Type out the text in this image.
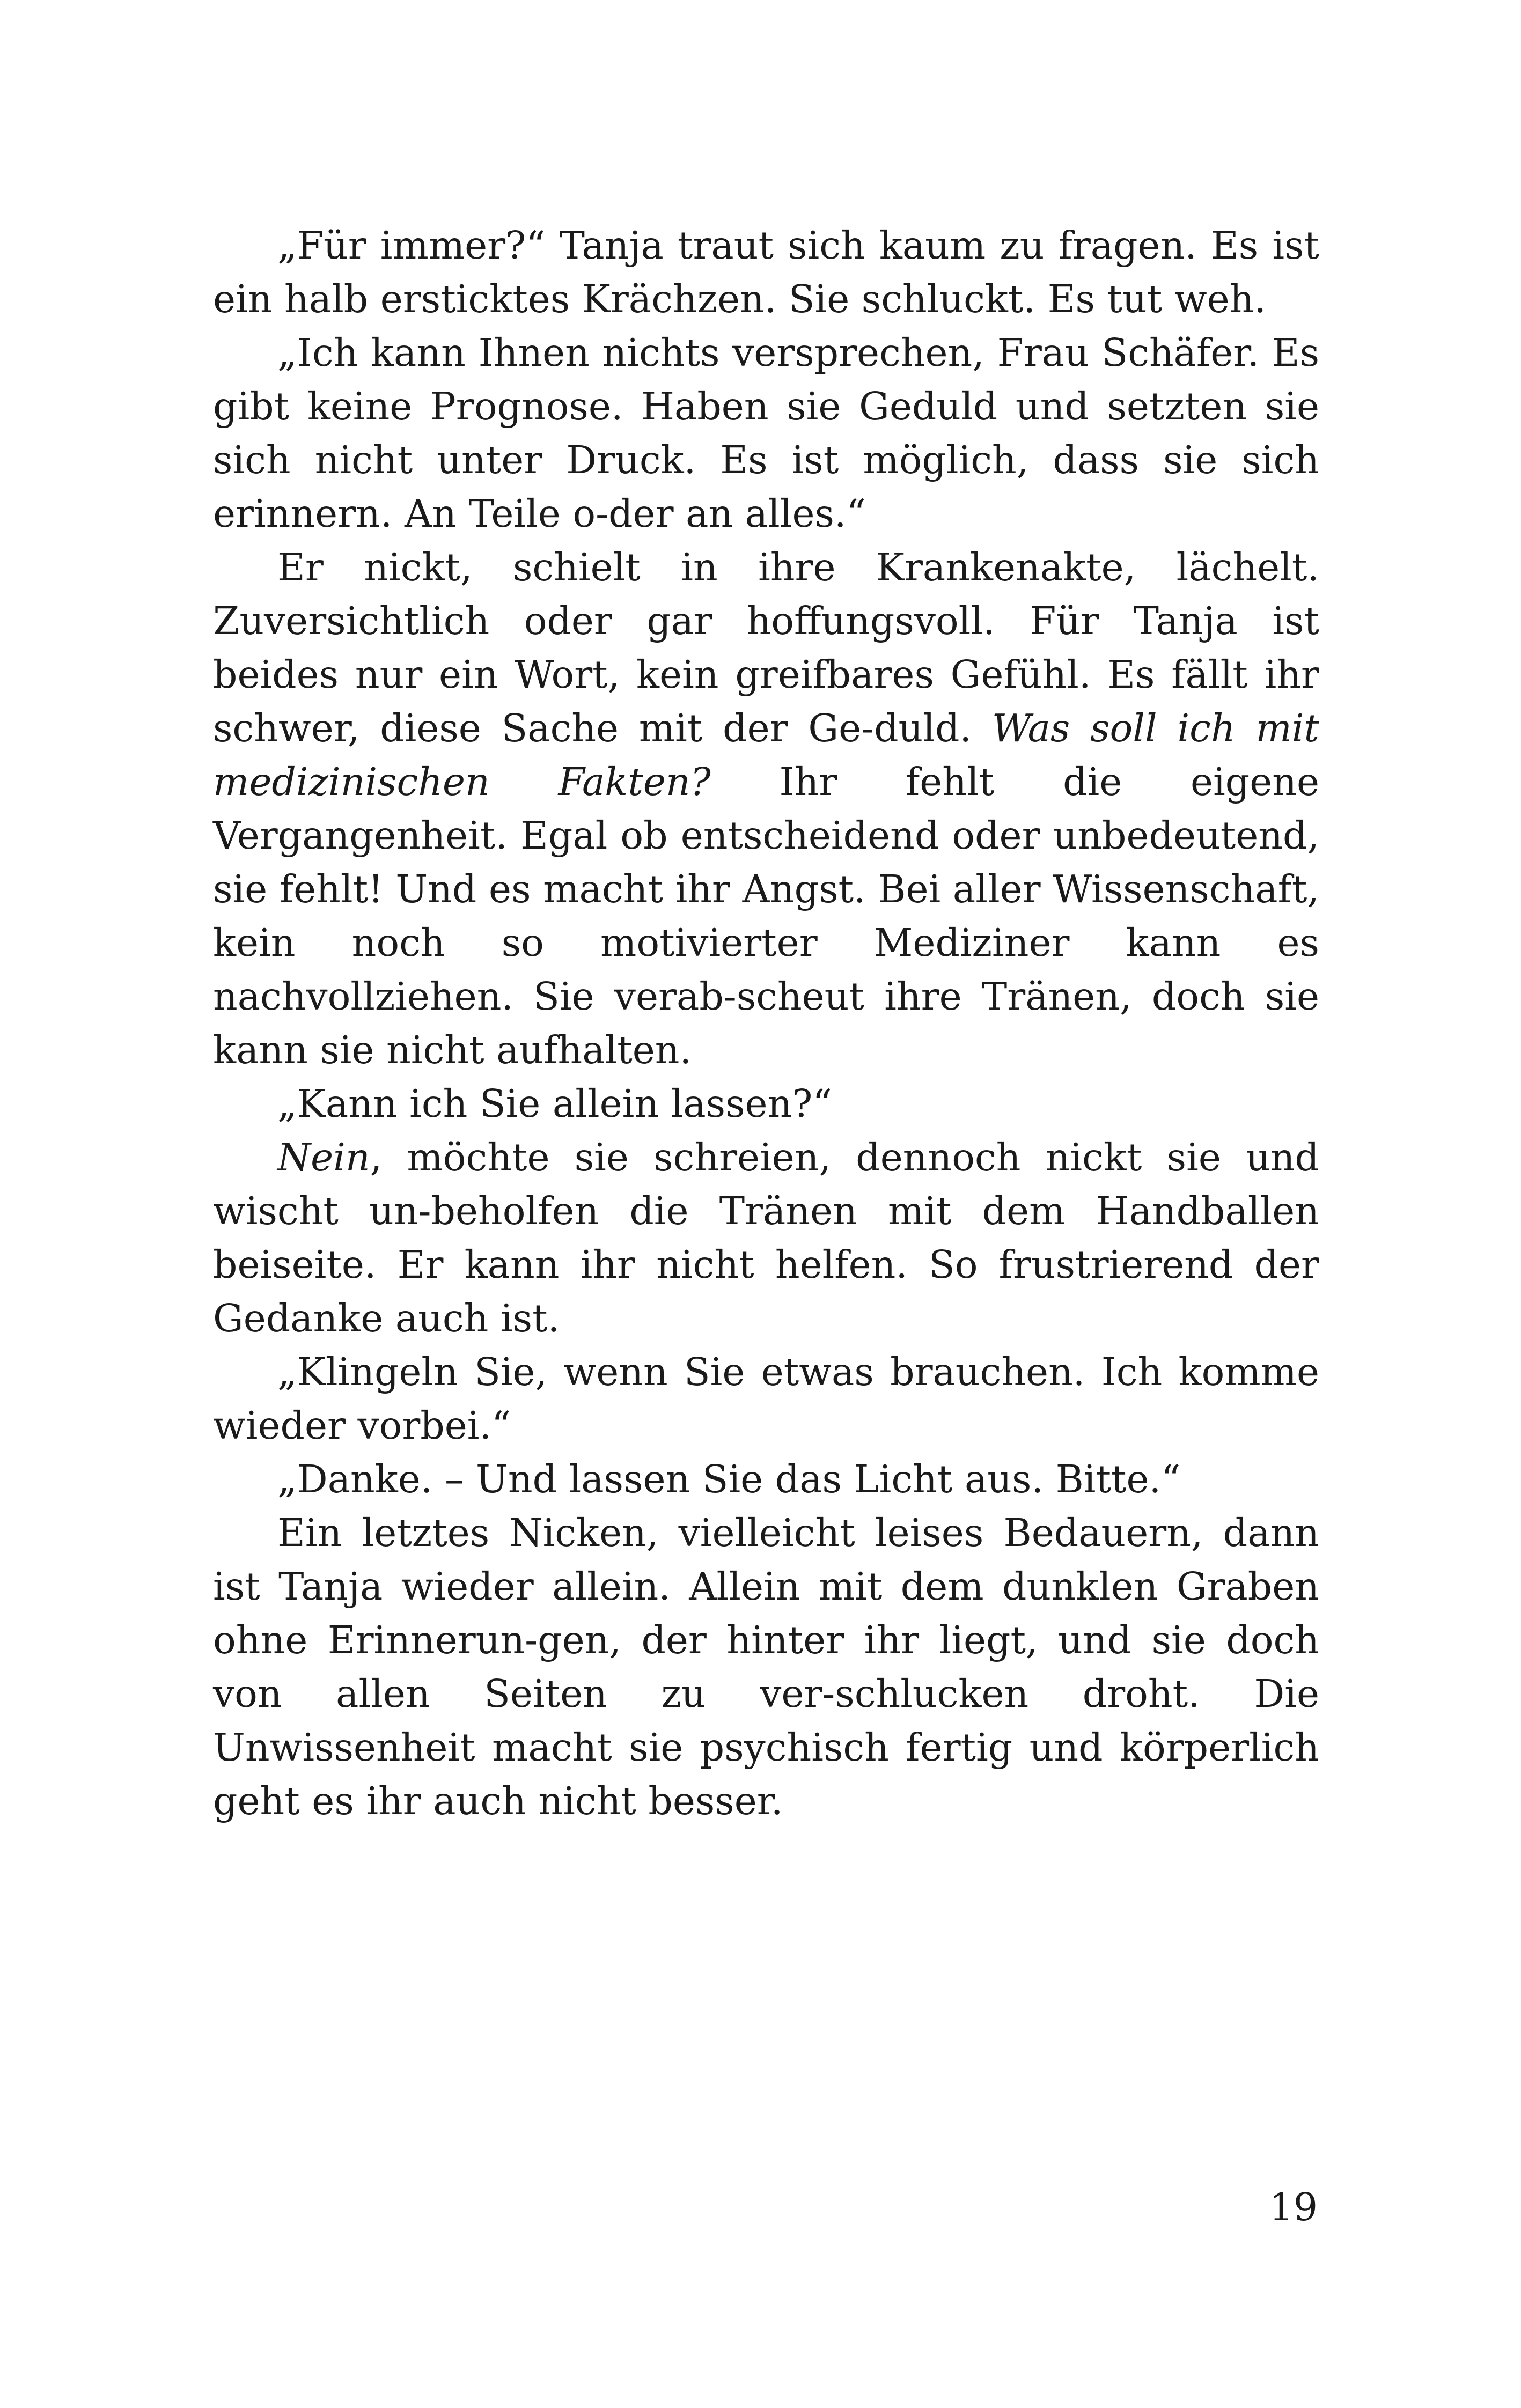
„Für immer?“ Tanja traut sich kaum zu fragen. Es ist ein halb ersticktes Krächzen. Sie schluckt. Es tut weh.

„Ich kann Ihnen nichts versprechen, Frau Schäfer. Es gibt keine Prognose. Haben sie Geduld und setzten sie sich nicht unter Druck. Es ist möglich, dass sie sich erinnern. An Teile o-der an alles.“

Er nickt, schielt in ihre Krankenakte, lächelt. Zuversichtlich oder gar hoffungsvoll. Für Tanja ist beides nur ein Wort, kein greifbares Gefühl. Es fällt ihr schwer, diese Sache mit der Ge-duld. Was soll ich mit medizinischen Fakten? Ihr fehlt die eigene Vergangenheit. Egal ob entscheidend oder unbedeutend, sie fehlt! Und es macht ihr Angst. Bei aller Wissenschaft, kein noch so motivierter Mediziner kann es nachvollziehen. Sie verab-scheut ihre Tränen, doch sie kann sie nicht aufhalten.

„Kann ich Sie allein lassen?“

Nein, möchte sie schreien, dennoch nickt sie und wischt un-beholfen die Tränen mit dem Handballen beiseite. Er kann ihr nicht helfen. So frustrierend der Gedanke auch ist.

„Klingeln Sie, wenn Sie etwas brauchen. Ich komme wieder vorbei.“

„Danke. – Und lassen Sie das Licht aus. Bitte.“

Ein letztes Nicken, vielleicht leises Bedauern, dann ist Tanja wieder allein. Allein mit dem dunklen Graben ohne Erinnerun-gen, der hinter ihr liegt, und sie doch von allen Seiten zu ver-schlucken droht. Die Unwissenheit macht sie psychisch fertig und körperlich geht es ihr auch nicht besser.

19
